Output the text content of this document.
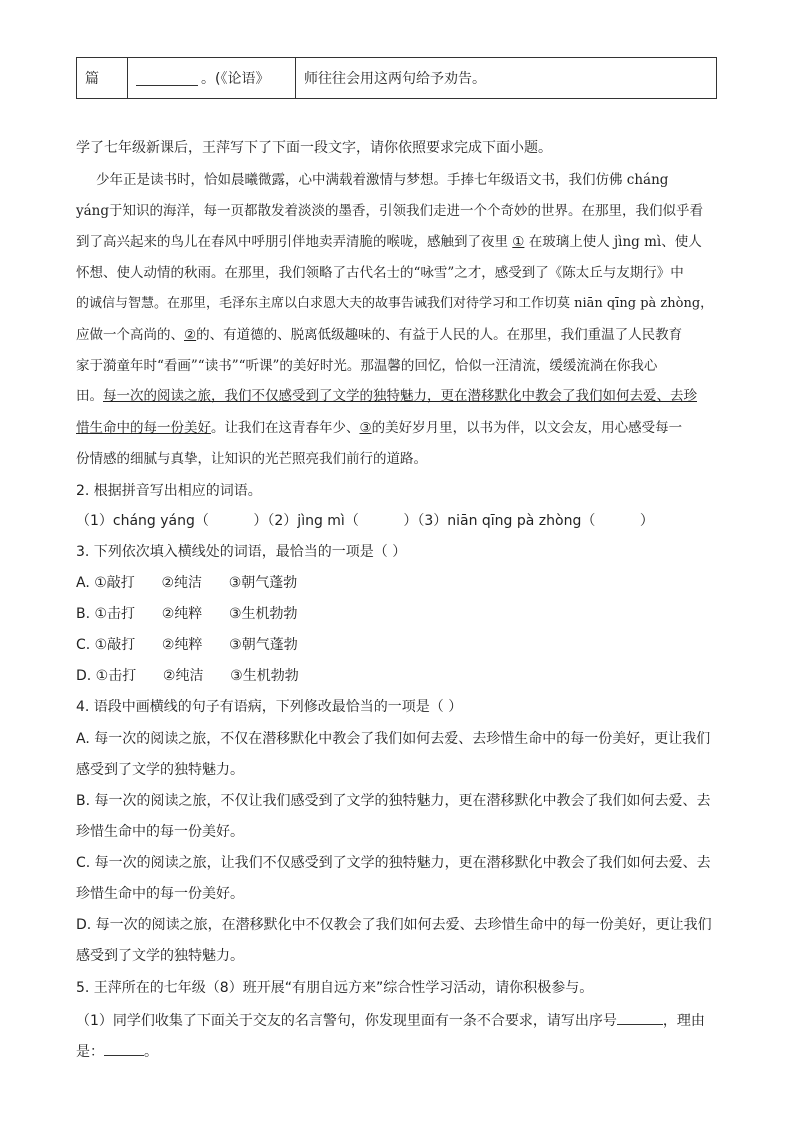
篇	。(《论语》	师往往会用这两句给予劝告。
学了七年级新课后，王萍写下了下面一段文字，请你依照要求完成下面小题。
少年正是读书时，恰如晨曦微露，心中满载着激情与梦想。手捧七年级语文书，我们仿佛 cháng
yáng于知识的海洋，每一页都散发着淡淡的墨香，引领我们走进一个个奇妙的世界。在那里，我们似乎看
到了高兴起来的鸟儿在春风中呼朋引伴地卖弄清脆的喉咙，感触到了夜里 ① 在玻璃上使人 jìng mì、使人
怀想、使人动情的秋雨。在那里，我们领略了古代名士的“咏雪”之才，感受到了《陈太丘与友期行》中
的诚信与智慧。在那里，毛泽东主席以白求恩大夫的故事告诫我们对待学习和工作切莫 niān qīng pà zhòng，
应做一个高尚的、 ② 的、有道德的、脱离低级趣味的、有益于人民的人。在那里，我们重温了人民教育
家于漪童年时“看画”“读书”“听课”的美好时光。那温馨的回忆，恰似一汪清流，缓缓流淌在你我心
田。 每一次的阅读之旅，我们不仅感受到了文学的独特魅力，更在潜移默化中教会了我们如何去爱、去珍
惜生命中的每一份美好 。让我们在这青春年少、 ③ 的美好岁月里，以书为伴，以文会友，用心感受每一
份情感的细腻与真挚，让知识的光芒照亮我们前行的道路。
2. 根据拼音写出相应的词语。
（1）cháng yáng（          ）（2）jìng mì（          ）（3）niān qīng pà zhòng（          ）
3. 下列依次填入横线处的词语，最恰当的一项是（ ）
A. ①敲打      ②纯洁      ③朝气蓬勃
B. ①击打      ②纯粹      ③生机勃勃
C. ①敲打      ②纯粹      ③朝气蓬勃
D. ①击打      ②纯洁      ③生机勃勃
4. 语段中画横线的句子有语病，下列修改最恰当的一项是（ ）
A. 每一次的阅读之旅，不仅在潜移默化中教会了我们如何去爱、去珍惜生命中的每一份美好，更让我们
感受到了文学的独特魅力。
B. 每一次的阅读之旅，不仅让我们感受到了文学的独特魅力，更在潜移默化中教会了我们如何去爱、去
珍惜生命中的每一份美好。
C. 每一次的阅读之旅，让我们不仅感受到了文学的独特魅力，更在潜移默化中教会了我们如何去爱、去
珍惜生命中的每一份美好。
D. 每一次的阅读之旅，在潜移默化中不仅教会了我们如何去爱、去珍惜生命中的每一份美好，更让我们
感受到了文学的独特魅力。
5. 王萍所在的七年级（8）班开展“有朋自远方来”综合性学习活动，请你积极参与。
（1）同学们收集了下面关于交友的名言警句，你发现里面有一条不合要求，请写出序号	，理由
是：	。
